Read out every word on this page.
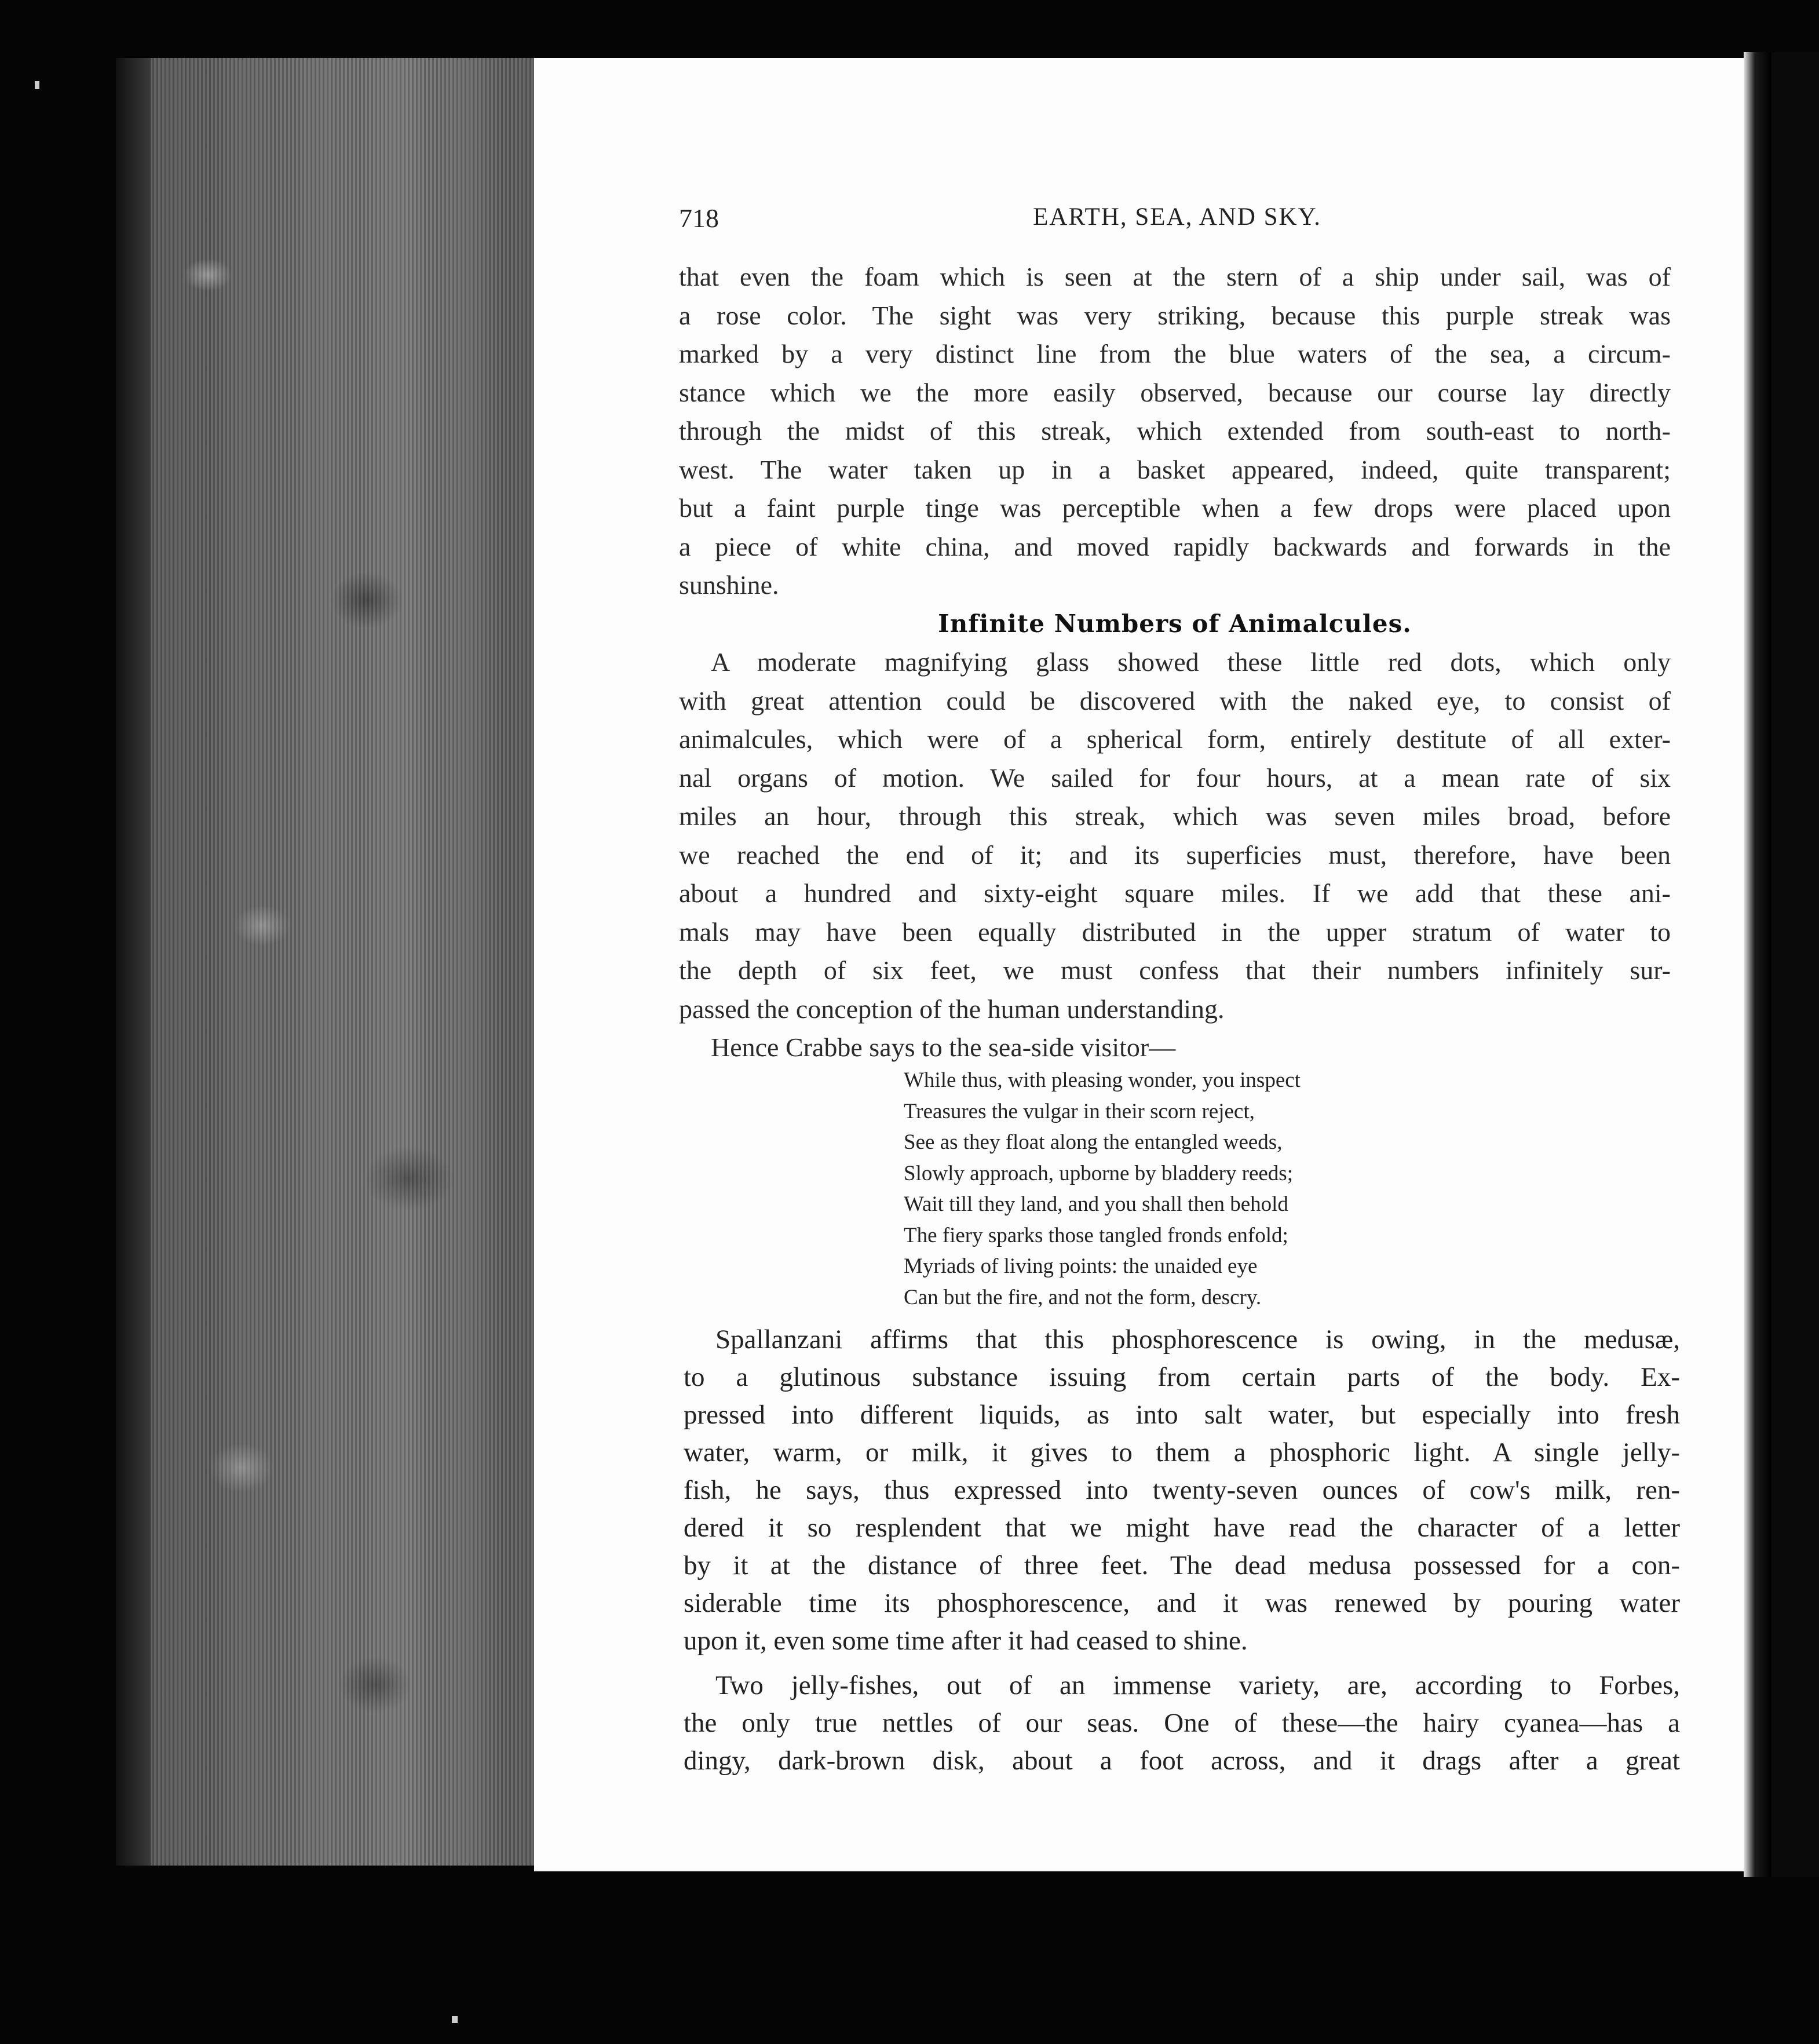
718	EARTH, SEA, AND SKY.
that even the foam which is seen at the stern of a ship under sail, was of
a rose color. The sight was very striking, because this purple streak was
marked by a very distinct line from the blue waters of the sea, a circum-
stance which we the more easily observed, because our course lay directly
through the midst of this streak, which extended from south-east to north-
west. The water taken up in a basket appeared, indeed, quite transparent;
but a faint purple tinge was perceptible when a few drops were placed upon
a piece of white china, and moved rapidly backwards and forwards in the
sunshine.
Infinite Numbers of Animalcules.
A moderate magnifying glass showed these little red dots, which only
with great attention could be discovered with the naked eye, to consist of
animalcules, which were of a spherical form, entirely destitute of all exter-
nal organs of motion. We sailed for four hours, at a mean rate of six
miles an hour, through this streak, which was seven miles broad, before
we reached the end of it; and its superficies must, therefore, have been
about a hundred and sixty-eight square miles. If we add that these ani-
mals may have been equally distributed in the upper stratum of water to
the depth of six feet, we must confess that their numbers infinitely sur-
passed the conception of the human understanding.
Hence Crabbe says to the sea-side visitor—
While thus, with pleasing wonder, you inspect
Treasures the vulgar in their scorn reject,
See as they float along the entangled weeds,
Slowly approach, upborne by bladdery reeds;
Wait till they land, and you shall then behold
The fiery sparks those tangled fronds enfold;
Myriads of living points: the unaided eye
Can but the fire, and not the form, descry.
Spallanzani affirms that this phosphorescence is owing, in the medusæ,
to a glutinous substance issuing from certain parts of the body. Ex-
pressed into different liquids, as into salt water, but especially into fresh
water, warm, or milk, it gives to them a phosphoric light. A single jelly-
fish, he says, thus expressed into twenty-seven ounces of cow's milk, ren-
dered it so resplendent that we might have read the character of a letter
by it at the distance of three feet. The dead medusa possessed for a con-
siderable time its phosphorescence, and it was renewed by pouring water
upon it, even some time after it had ceased to shine.
Two jelly-fishes, out of an immense variety, are, according to Forbes,
the only true nettles of our seas. One of these—the hairy cyanea—has a
dingy, dark-brown disk, about a foot across, and it drags after a great
